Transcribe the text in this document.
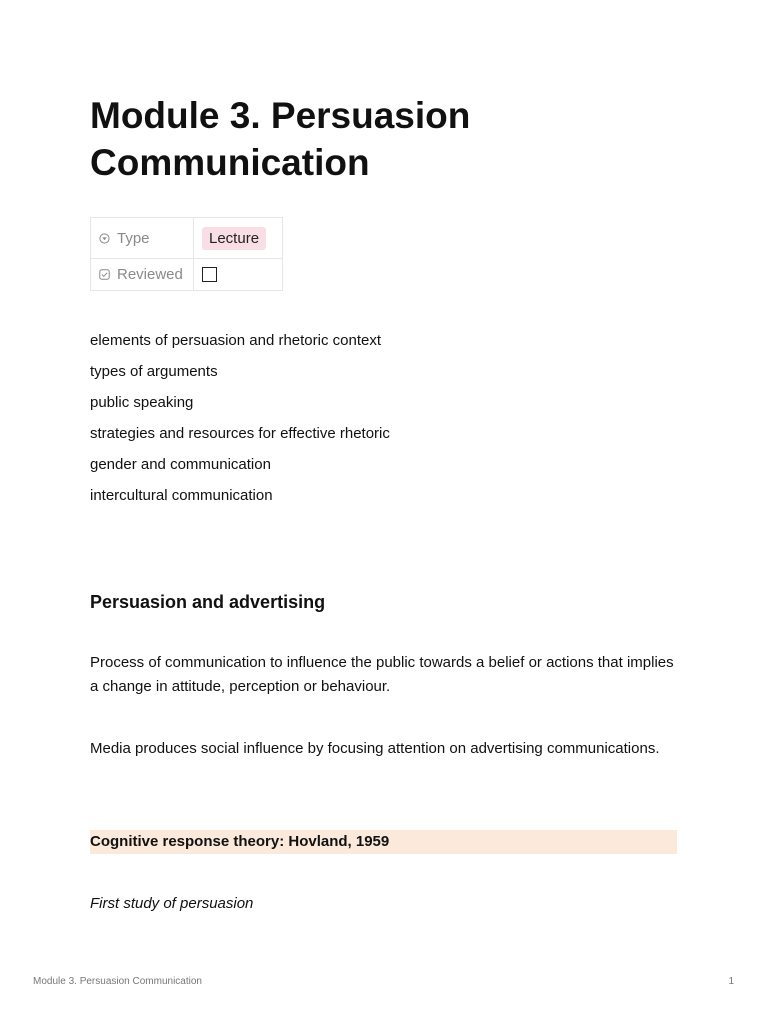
Module 3. Persuasion Communication
Type	Lecture

Reviewed	
elements of persuasion and rhetoric context
types of arguments
public speaking
strategies and resources for effective rhetoric
gender and communication
intercultural communication
Persuasion and advertising

Process of communication to influence the public towards a belief or actions that implies a change in attitude, perception or behaviour.

Media produces social influence by focusing attention on advertising communications.

Cognitive response theory: Hovland, 1959

First study of persuasion

Module 3. Persuasion Communication	1
